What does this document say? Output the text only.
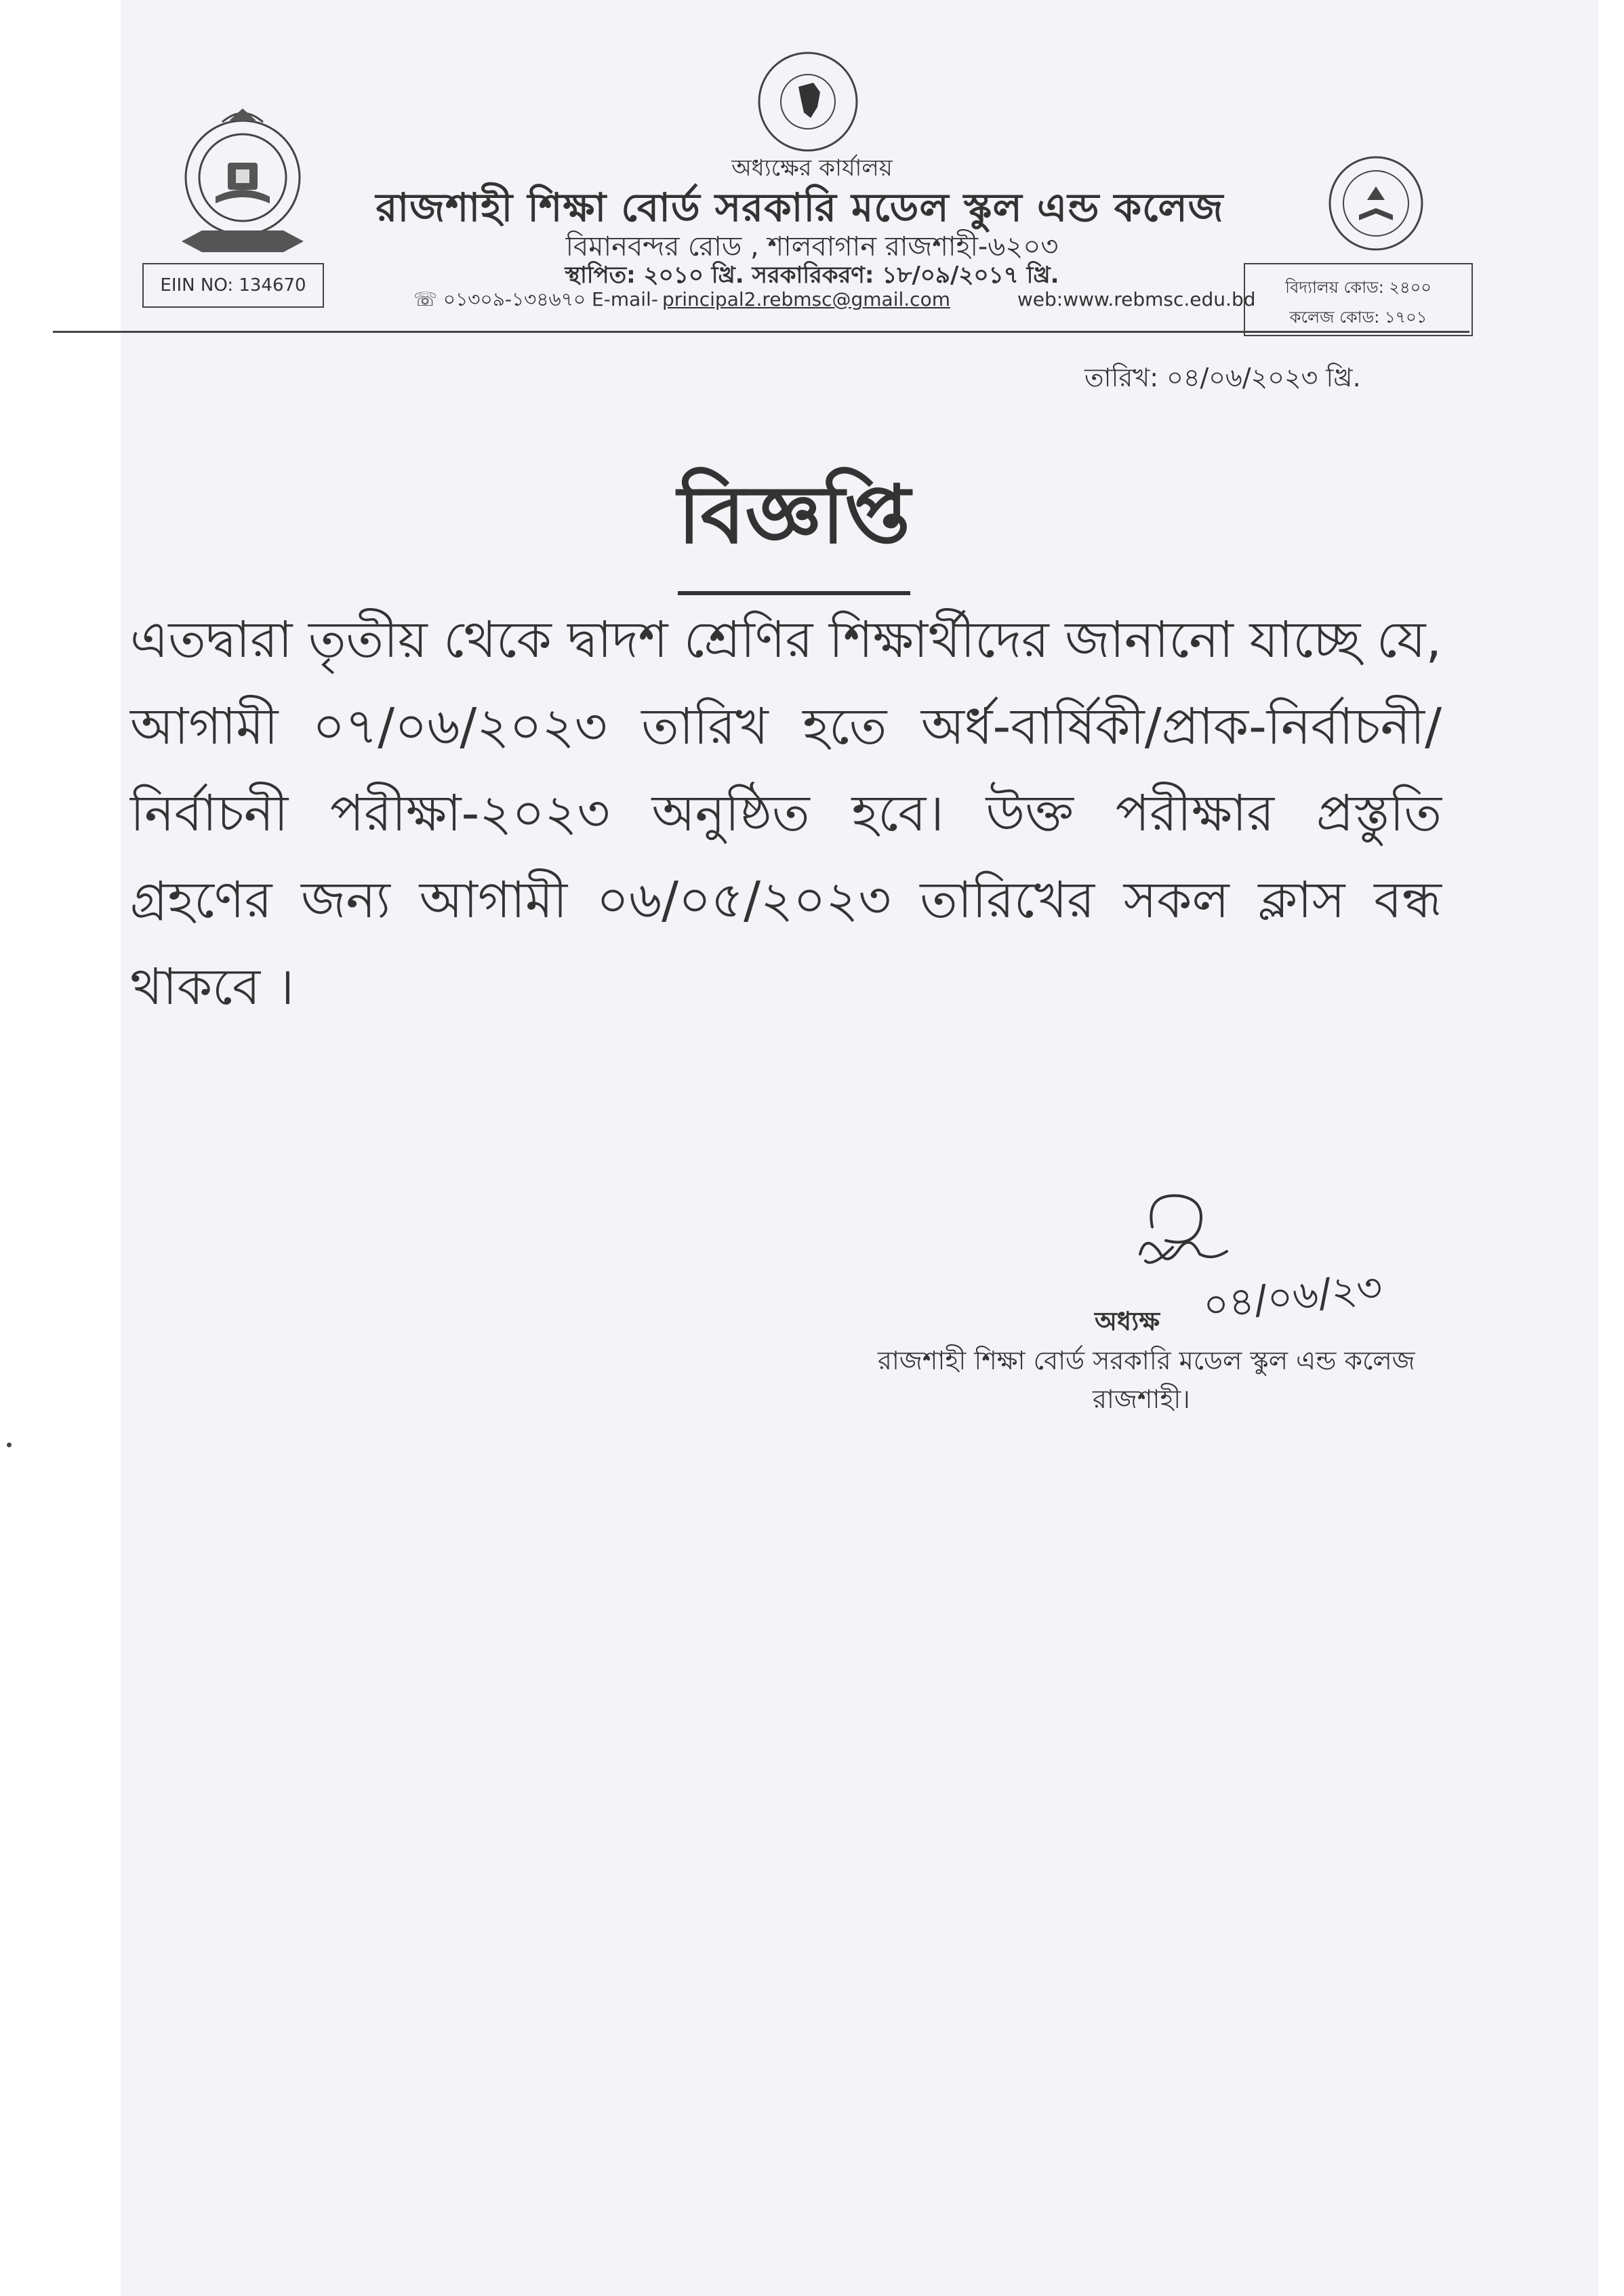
অধ্যক্ষের কার্যালয়
রাজশাহী শিক্ষা বোর্ড সরকারি মডেল স্কুল এন্ড কলেজ
বিমানবন্দর রোড , শালবাগান রাজশাহী-৬২০৩
স্থাপিত: ২০১০ খ্রি. সরকারিকরণ: ১৮/০৯/২০১৭ খ্রি.
☏ ০১৩০৯-১৩৪৬৭০ E-mail- principal2.rebmsc@gmail.com	web:www.rebmsc.edu.bd
EIIN NO: 134670	বিদ্যালয় কোড: ২৪০০
কলেজ কোড: ১৭০১
তারিখ: ০৪/০৬/২০২৩ খ্রি.
বিজ্ঞপ্তি
এতদ্বারা তৃতীয় থেকে দ্বাদশ শ্রেণির শিক্ষার্থীদের জানানো যাচ্ছে যে, আগামী ০৭/০৬/২০২৩ তারিখ হতে অর্ধ-বার্ষিকী/প্রাক-নির্বাচনী/ নির্বাচনী পরীক্ষা-২০২৩ অনুষ্ঠিত হবে। উক্ত পরীক্ষার প্রস্তুতি গ্রহণের জন্য আগামী ০৬/০৫/২০২৩ তারিখের সকল ক্লাস বন্ধ থাকবে ।
০৪/০৬/২৩
অধ্যক্ষ
রাজশাহী শিক্ষা বোর্ড সরকারি মডেল স্কুল এন্ড কলেজ
রাজশাহী।
